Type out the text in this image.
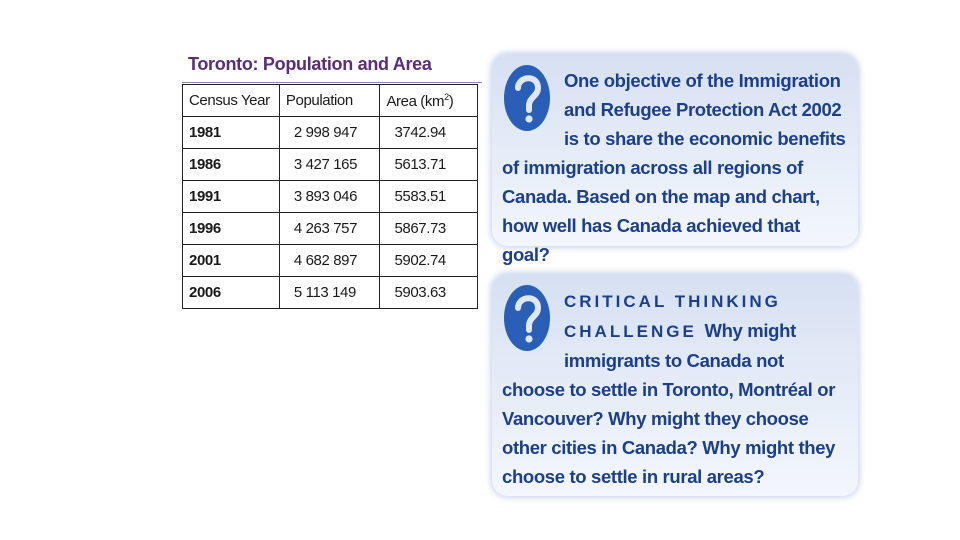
Toronto: Population and Area
Census Year	Population	Area $(km^2)$
1981	2 998 947	3742.94
1986	3 427 165	5613.71
1991	3 893 046	5583.51
1996	4 263 757	5867.73
2001	4 682 897	5902.74
2006	5 113 149	5903.63
One objective of the Immigration and Refugee Protection Act 2002 is to share the economic benefits of immigration across all regions of Canada. Based on the map and chart, how well has Canada achieved that goal?
CRITICAL THINKING CHALLENGE Why might immigrants to Canada not choose to settle in Toronto, Montréal or Vancouver? Why might they choose other cities in Canada? Why might they choose to settle in rural areas?
